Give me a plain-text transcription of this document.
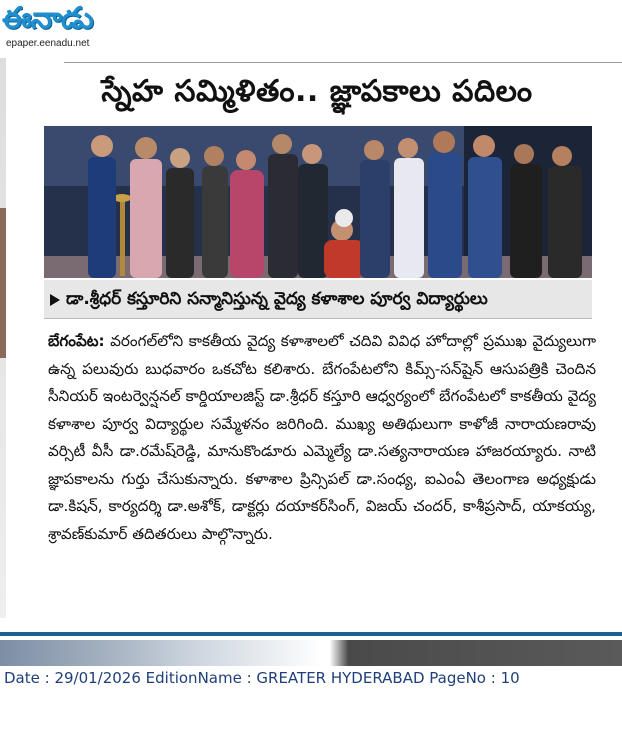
ఈనాడు
epaper.eenadu.net
స్నేహ సమ్మిళితం.. జ్ఞాపకాలు పదిలం
డా.శ్రీధర్ కస్తూరిని సన్మానిస్తున్న వైద్య కళాశాల పూర్వ విద్యార్థులు
బేగంపేట: వరంగల్‌లోని కాకతీయ వైద్య కళాశాలలో చదివి వివిధ హోదాల్లో ప్రముఖ వైద్యులుగా ఉన్న పలువురు బుధవారం ఒకచోట కలిశారు. బేగంపేటలోని కిమ్స్‌-సన్‌షైన్ ఆసుపత్రికి చెందిన సీనియర్ ఇంటర్వెన్షనల్ కార్డియాలజిస్ట్ డా.శ్రీధర్ కస్తూరి ఆధ్వర్యంలో బేగంపేటలో కాకతీయ వైద్య కళాశాల పూర్వ విద్యార్థుల సమ్మేళనం జరిగింది. ముఖ్య అతిథులుగా కాళోజీ నారాయణరావు వర్సిటీ వీసీ డా.రమేష్‌రెడ్డి, మానుకొండూరు ఎమ్మెల్యే డా.సత్యనారాయణ హాజరయ్యారు. నాటి జ్ఞాపకాలను గుర్తు చేసుకున్నారు. కళాశాల ప్రిన్సిపల్ డా.సంధ్య, ఐఎంఏ తెలంగాణ అధ్యక్షుడు డా.కిషన్, కార్యదర్శి డా.అశోక్, డాక్టర్లు దయాకర్‌సింగ్, విజయ్ చందర్, కాశీప్రసాద్, యాకయ్య, శ్రావణ్‌కుమార్ తదితరులు పాల్గొన్నారు.
Date : 29/01/2026 EditionName : GREATER HYDERABAD PageNo : 10
